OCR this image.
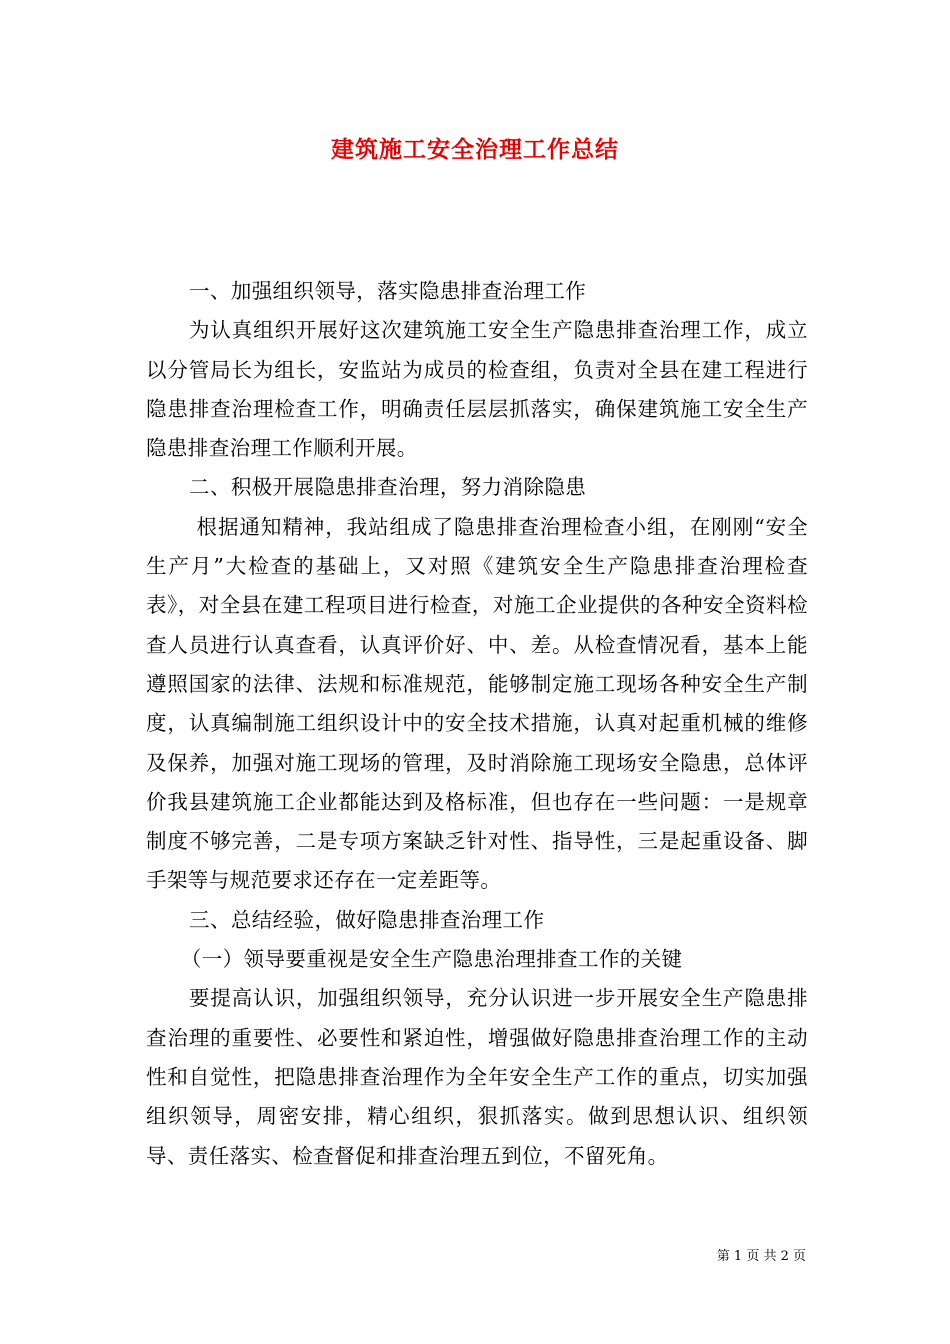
建筑施工安全治理工作总结

一、加强组织领导，落实隐患排查治理工作

为认真组织开展好这次建筑施工安全生产隐患排查治理工作，成立以分管局长为组长，安监站为成员的检查组，负责对全县在建工程进行隐患排查治理检查工作，明确责任层层抓落实，确保建筑施工安全生产隐患排查治理工作顺利开展。

二、积极开展隐患排查治理，努力消除隐患

根据通知精神，我站组成了隐患排查治理检查小组，在刚刚“安全生产月”大检查的基础上，又对照《建筑安全生产隐患排查治理检查表》，对全县在建工程项目进行检查，对施工企业提供的各种安全资料检查人员进行认真查看，认真评价好、中、差。从检查情况看，基本上能遵照国家的法律、法规和标准规范，能够制定施工现场各种安全生产制度，认真编制施工组织设计中的安全技术措施，认真对起重机械的维修及保养，加强对施工现场的管理，及时消除施工现场安全隐患，总体评价我县建筑施工企业都能达到及格标准，但也存在一些问题：一是规章制度不够完善，二是专项方案缺乏针对性、指导性，三是起重设备、脚手架等与规范要求还存在一定差距等。

三、总结经验，做好隐患排查治理工作

（一）领导要重视是安全生产隐患治理排查工作的关键

要提高认识，加强组织领导，充分认识进一步开展安全生产隐患排查治理的重要性、必要性和紧迫性，增强做好隐患排查治理工作的主动性和自觉性，把隐患排查治理作为全年安全生产工作的重点，切实加强组织领导，周密安排，精心组织，狠抓落实。做到思想认识、组织领导、责任落实、检查督促和排查治理五到位，不留死角。

第 1 页 共 2 页
